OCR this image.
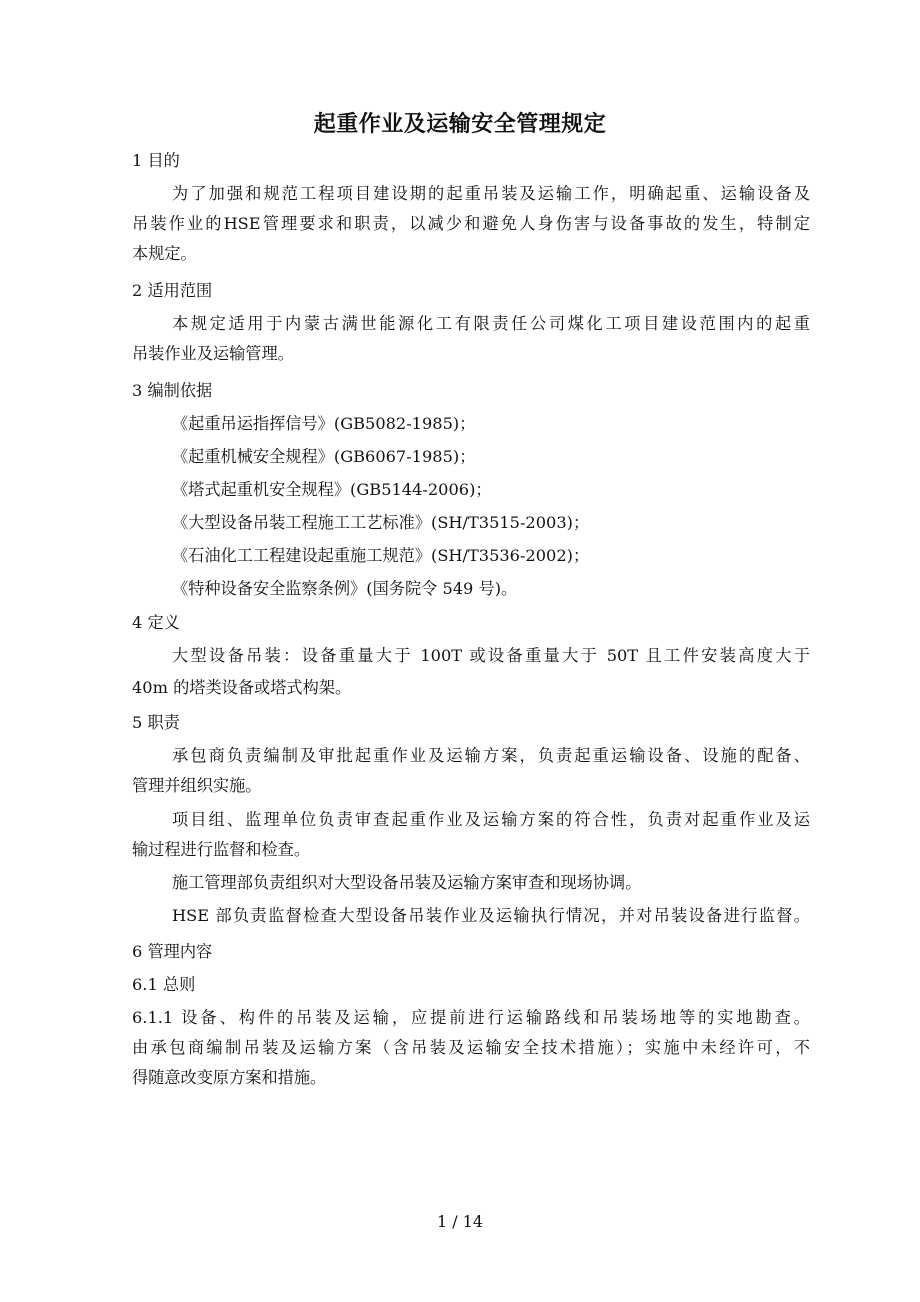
起重作业及运输安全管理规定
1 目的
为了加强和规范工程项目建设期的起重吊装及运输工作，明确起重、运输设备及
吊装作业的HSE管理要求和职责，以减少和避免人身伤害与设备事故的发生，特制定
本规定。
2 适用范围
本规定适用于内蒙古满世能源化工有限责任公司煤化工项目建设范围内的起重
吊装作业及运输管理。
3 编制依据
《起重吊运指挥信号》(GB5082-1985)；
《起重机械安全规程》(GB6067-1985)；
《塔式起重机安全规程》(GB5144-2006)；
《大型设备吊装工程施工工艺标准》(SH/T3515-2003)；
《石油化工工程建设起重施工规范》(SH/T3536-2002)；
《特种设备安全监察条例》(国务院令 549 号)。
4 定义
大型设备吊装：设备重量大于 100T 或设备重量大于 50T 且工件安装高度大于
40m 的塔类设备或塔式构架。
5 职责
承包商负责编制及审批起重作业及运输方案，负责起重运输设备、设施的配备、
管理并组织实施。
项目组、监理单位负责审查起重作业及运输方案的符合性，负责对起重作业及运
输过程进行监督和检查。
施工管理部负责组织对大型设备吊装及运输方案审查和现场协调。
HSE 部负责监督检查大型设备吊装作业及运输执行情况，并对吊装设备进行监督。
6 管理内容
6.1 总则
6.1.1 设备、构件的吊装及运输，应提前进行运输路线和吊装场地等的实地勘查。
由承包商编制吊装及运输方案（含吊装及运输安全技术措施）；实施中未经许可，不
得随意改变原方案和措施。
1 / 14
